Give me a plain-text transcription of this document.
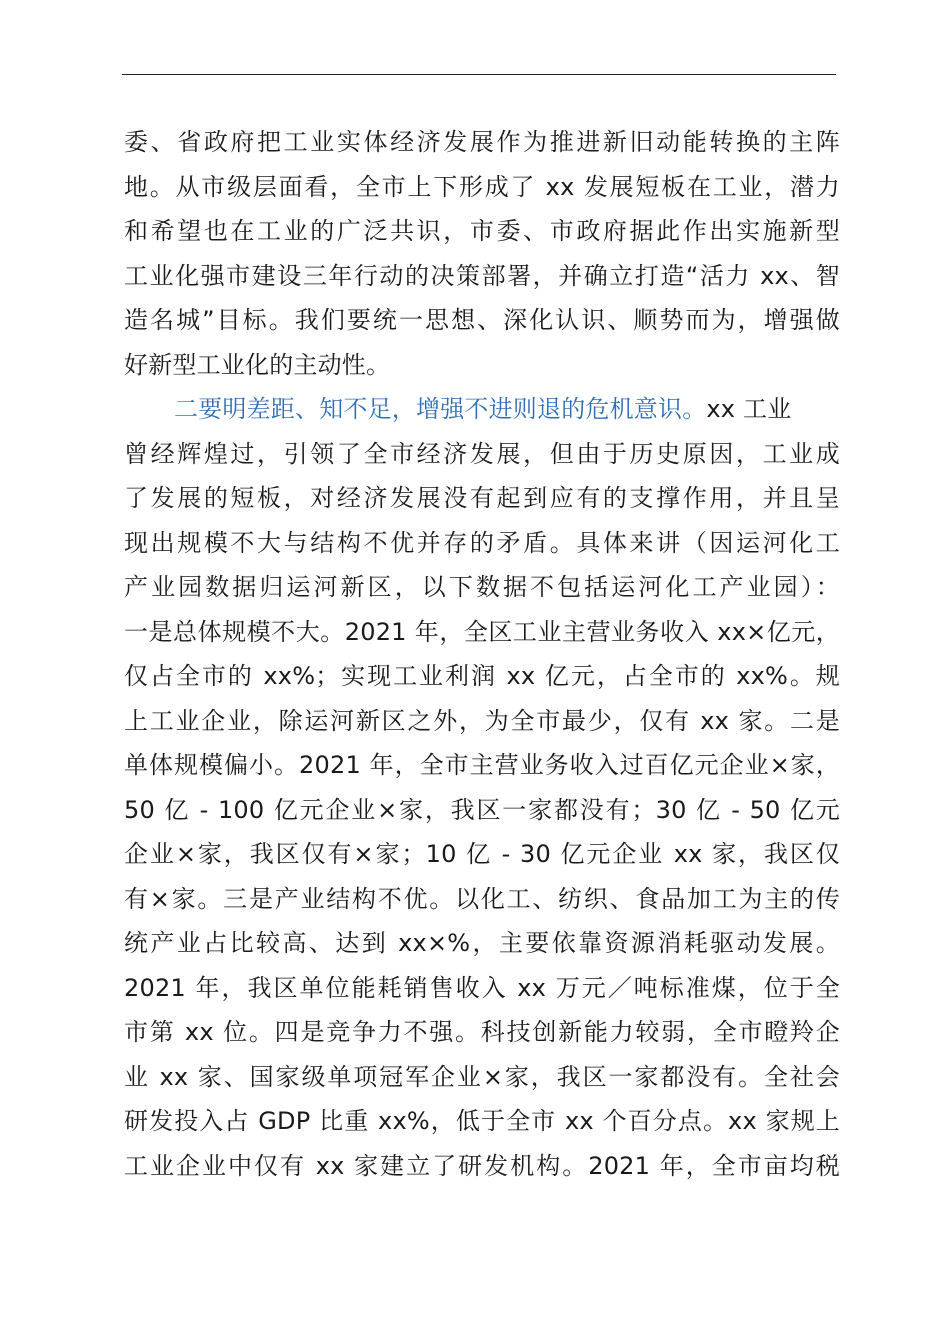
委、省政府把工业实体经济发展作为推进新旧动能转换的主阵
地。从市级层面看，全市上下形成了 xx 发展短板在工业，潜力
和希望也在工业的广泛共识，市委、市政府据此作出实施新型
工业化强市建设三年行动的决策部署，并确立打造“活力 xx、智
造名城”目标。我们要统一思想、深化认识、顺势而为，增强做
好新型工业化的主动性。
二要明差距、知不足，增强不进则退的危机意识。xx 工业
曾经辉煌过，引领了全市经济发展，但由于历史原因，工业成
了发展的短板，对经济发展没有起到应有的支撑作用，并且呈
现出规模不大与结构不优并存的矛盾。具体来讲（因运河化工
产业园数据归运河新区，以下数据不包括运河化工产业园）：
一是总体规模不大。2021 年，全区工业主营业务收入 xx×亿元，
仅占全市的 xx%；实现工业利润 xx 亿元，占全市的 xx%。规
上工业企业，除运河新区之外，为全市最少，仅有 xx 家。二是
单体规模偏小。2021 年，全市主营业务收入过百亿元企业×家，
50 亿 - 100 亿元企业×家，我区一家都没有；30 亿 - 50 亿元
企业×家，我区仅有×家；10 亿 - 30 亿元企业 xx 家，我区仅
有×家。三是产业结构不优。以化工、纺织、食品加工为主的传
统产业占比较高、达到 xx×%，主要依靠资源消耗驱动发展。
2021 年，我区单位能耗销售收入 xx 万元／吨标准煤，位于全
市第 xx 位。四是竞争力不强。科技创新能力较弱，全市瞪羚企
业 xx 家、国家级单项冠军企业×家，我区一家都没有。全社会
研发投入占 GDP 比重 xx%，低于全市 xx 个百分点。xx 家规上
工业企业中仅有 xx 家建立了研发机构。2021 年，全市亩均税
